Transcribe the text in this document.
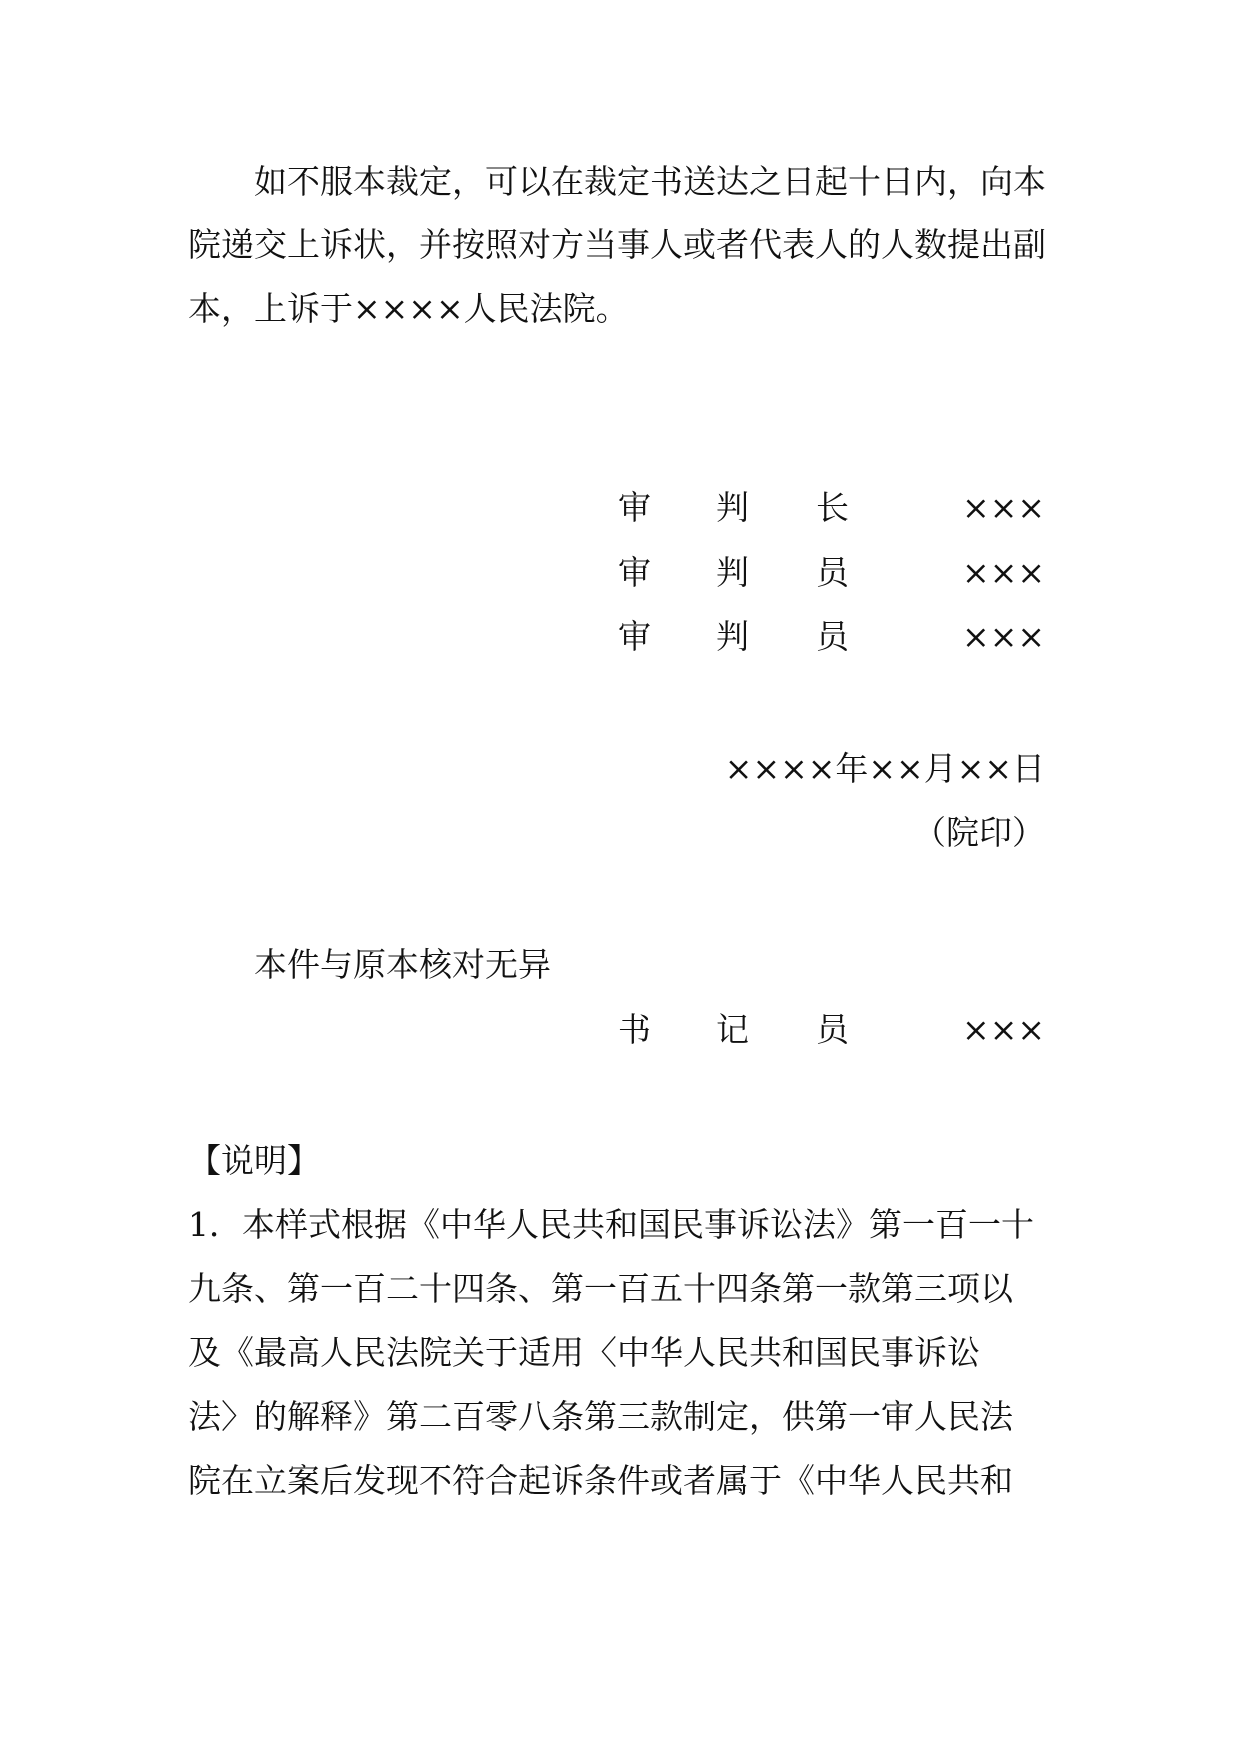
如不服本裁定，可以在裁定书送达之日起十日内，向本
院递交上诉状，并按照对方当事人或者代表人的人数提出副
本，上诉于××××人民法院。
审 判 长	×××
审 判 员	×××
审 判 员	×××
××××年××月××日
（院印）
本件与原本核对无异
书 记 员	×××
【说明】
1．本样式根据《中华人民共和国民事诉讼法》第一百一十
九条、第一百二十四条、第一百五十四条第一款第三项以
及《最高人民法院关于适用〈中华人民共和国民事诉讼
法〉的解释》第二百零八条第三款制定，供第一审人民法
院在立案后发现不符合起诉条件或者属于《中华人民共和
